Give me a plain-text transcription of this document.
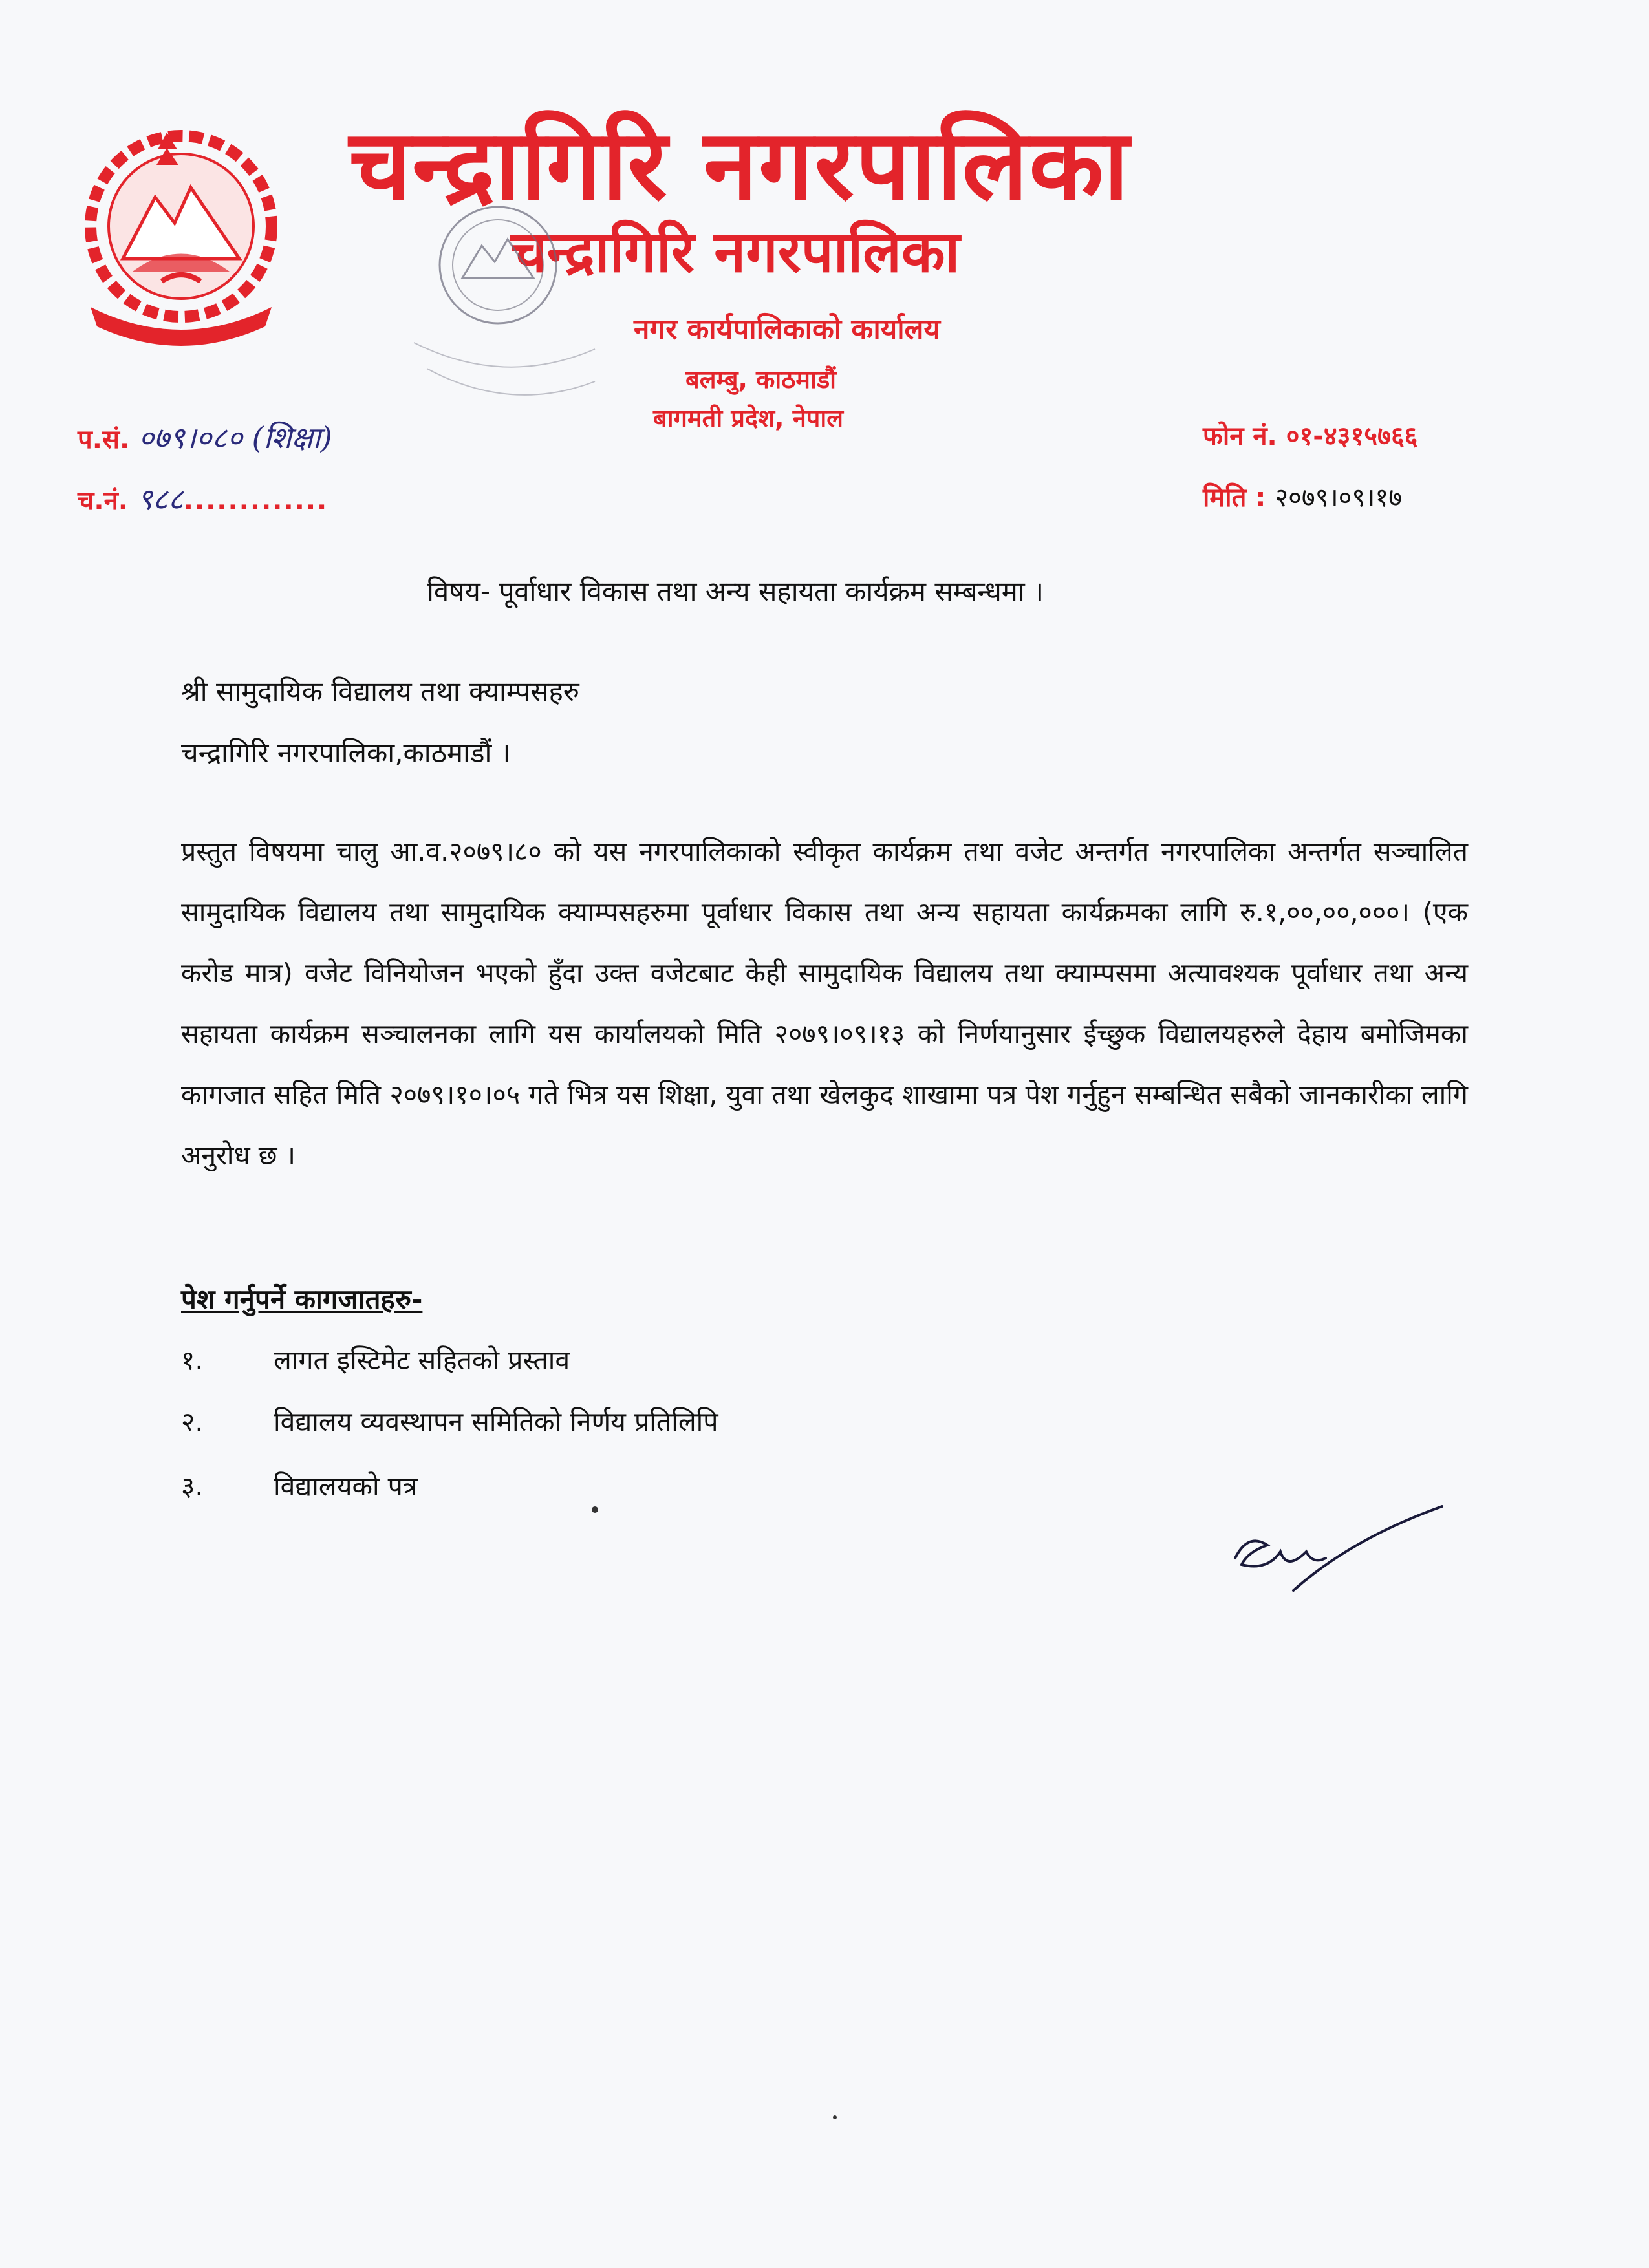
चन्द्रागिरि नगरपालिका
चन्द्रागिरि नगरपालिका
नगर कार्यपालिकाको कार्यालय
बलम्बु, काठमाडौं
बागमती प्रदेश, नेपाल
प.सं. ०७९।०८० (शिक्षा)
च.नं. ९८८.............
फोन नं. ०१-४३१५७६६
मिति : २०७९।०९।१७
विषय- पूर्वाधार विकास तथा अन्य सहायता कार्यक्रम सम्बन्धमा ।
श्री सामुदायिक विद्यालय तथा क्याम्पसहरु
चन्द्रागिरि नगरपालिका,काठमाडौं ।

प्रस्तुत विषयमा चालु आ.व.२०७९।८० को यस नगरपालिकाको स्वीकृत कार्यक्रम तथा वजेट अन्तर्गत नगरपालिका अन्तर्गत सञ्चालित सामुदायिक विद्यालय तथा सामुदायिक क्याम्पसहरुमा पूर्वाधार विकास तथा अन्य सहायता कार्यक्रमका लागि रु.१,००,००,०००। (एक करोड मात्र) वजेट विनियोजन भएको हुँदा उक्त वजेटबाट केही सामुदायिक विद्यालय तथा क्याम्पसमा अत्यावश्यक पूर्वाधार तथा अन्य सहायता कार्यक्रम सञ्चालनका लागि यस कार्यालयको मिति २०७९।०९।१३ को निर्णयानुसार ईच्छुक विद्यालयहरुले देहाय बमोजिमका कागजात सहित मिति २०७९।१०।०५ गते भित्र यस शिक्षा, युवा तथा खेलकुद शाखामा पत्र पेश गर्नुहुन सम्बन्धित सबैको जानकारीका लागि अनुरोध छ ।

पेश गर्नुपर्ने कागजातहरु-
१.	लागत इस्टिमेट सहितको प्रस्ताव
२.	विद्यालय व्यवस्थापन समितिको निर्णय प्रतिलिपि
३.	विद्यालयको पत्र
